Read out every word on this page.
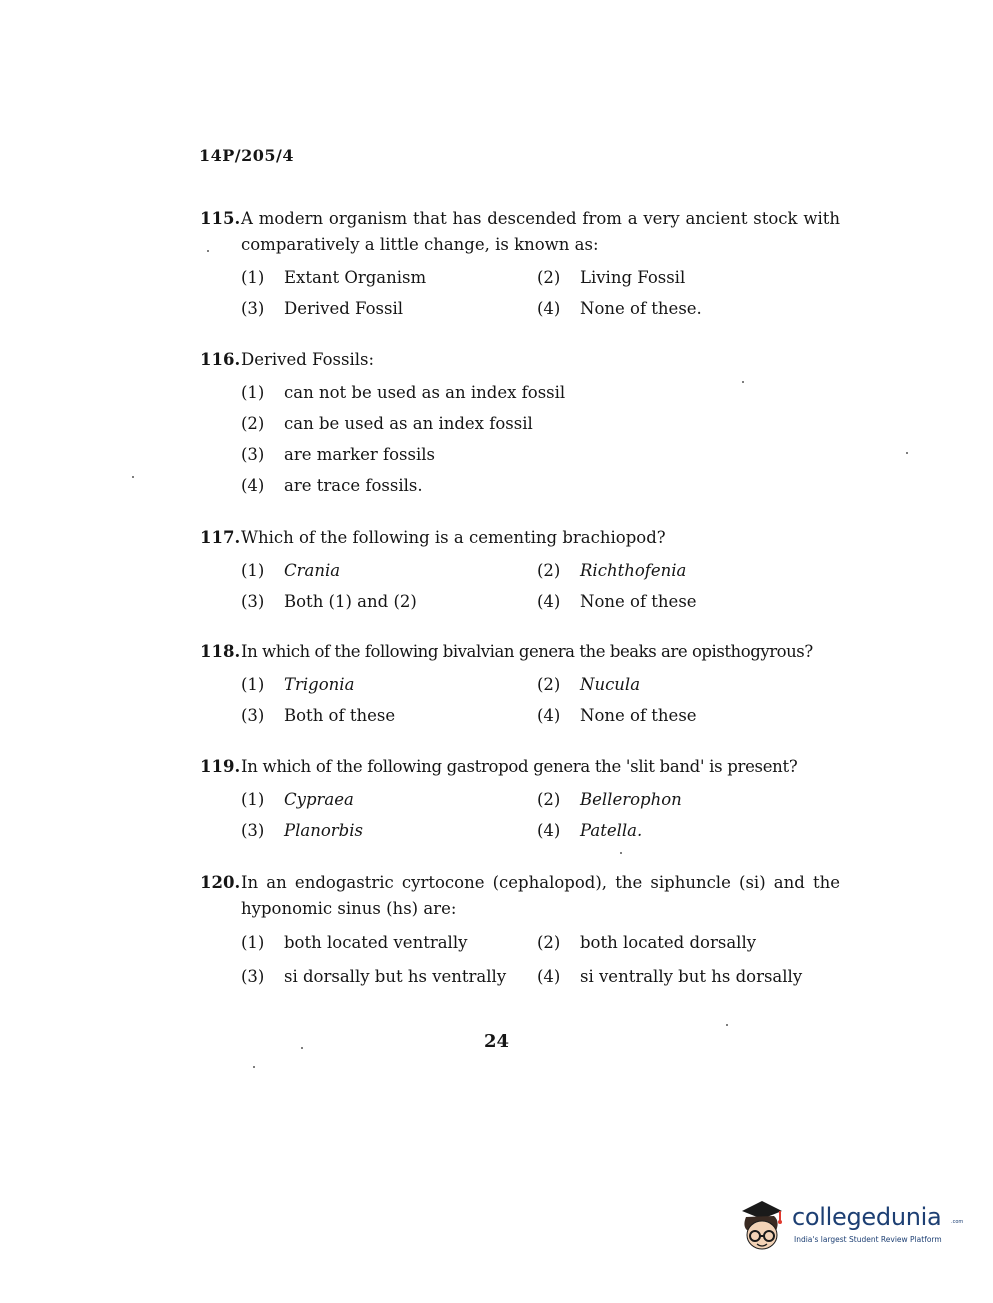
14P/205/4
115. A modern organism that has descended from a very ancient stock with comparatively a little change, is known as:
(1)	Extant Organism	(2)	Living Fossil
(3)	Derived Fossil	(4)	None of these.
116. Derived Fossils:
(1)	can not be used as an index fossil
(2)	can be used as an index fossil
(3)	are marker fossils
(4)	are trace fossils.
117. Which of the following is a cementing brachiopod?
(1)	Crania	(2)	Richthofenia
(3)	Both (1) and (2)	(4)	None of these
118. In which of the following bivalvian genera the beaks are opisthogyrous?
(1)	Trigonia	(2)	Nucula
(3)	Both of these	(4)	None of these
119. In which of the following gastropod genera the 'slit band' is present?
(1)	Cypraea	(2)	Bellerophon
(3)	Planorbis	(4)	Patella.
120. In an endogastric cyrtocone (cephalopod), the siphuncle (si) and the hyponomic sinus (hs) are:
(1)	both located ventrally	(2)	both located dorsally
(3)	si dorsally but hs ventrally (4)	si ventrally but hs dorsally
24
collegedunia .com
India's largest Student Review Platform
